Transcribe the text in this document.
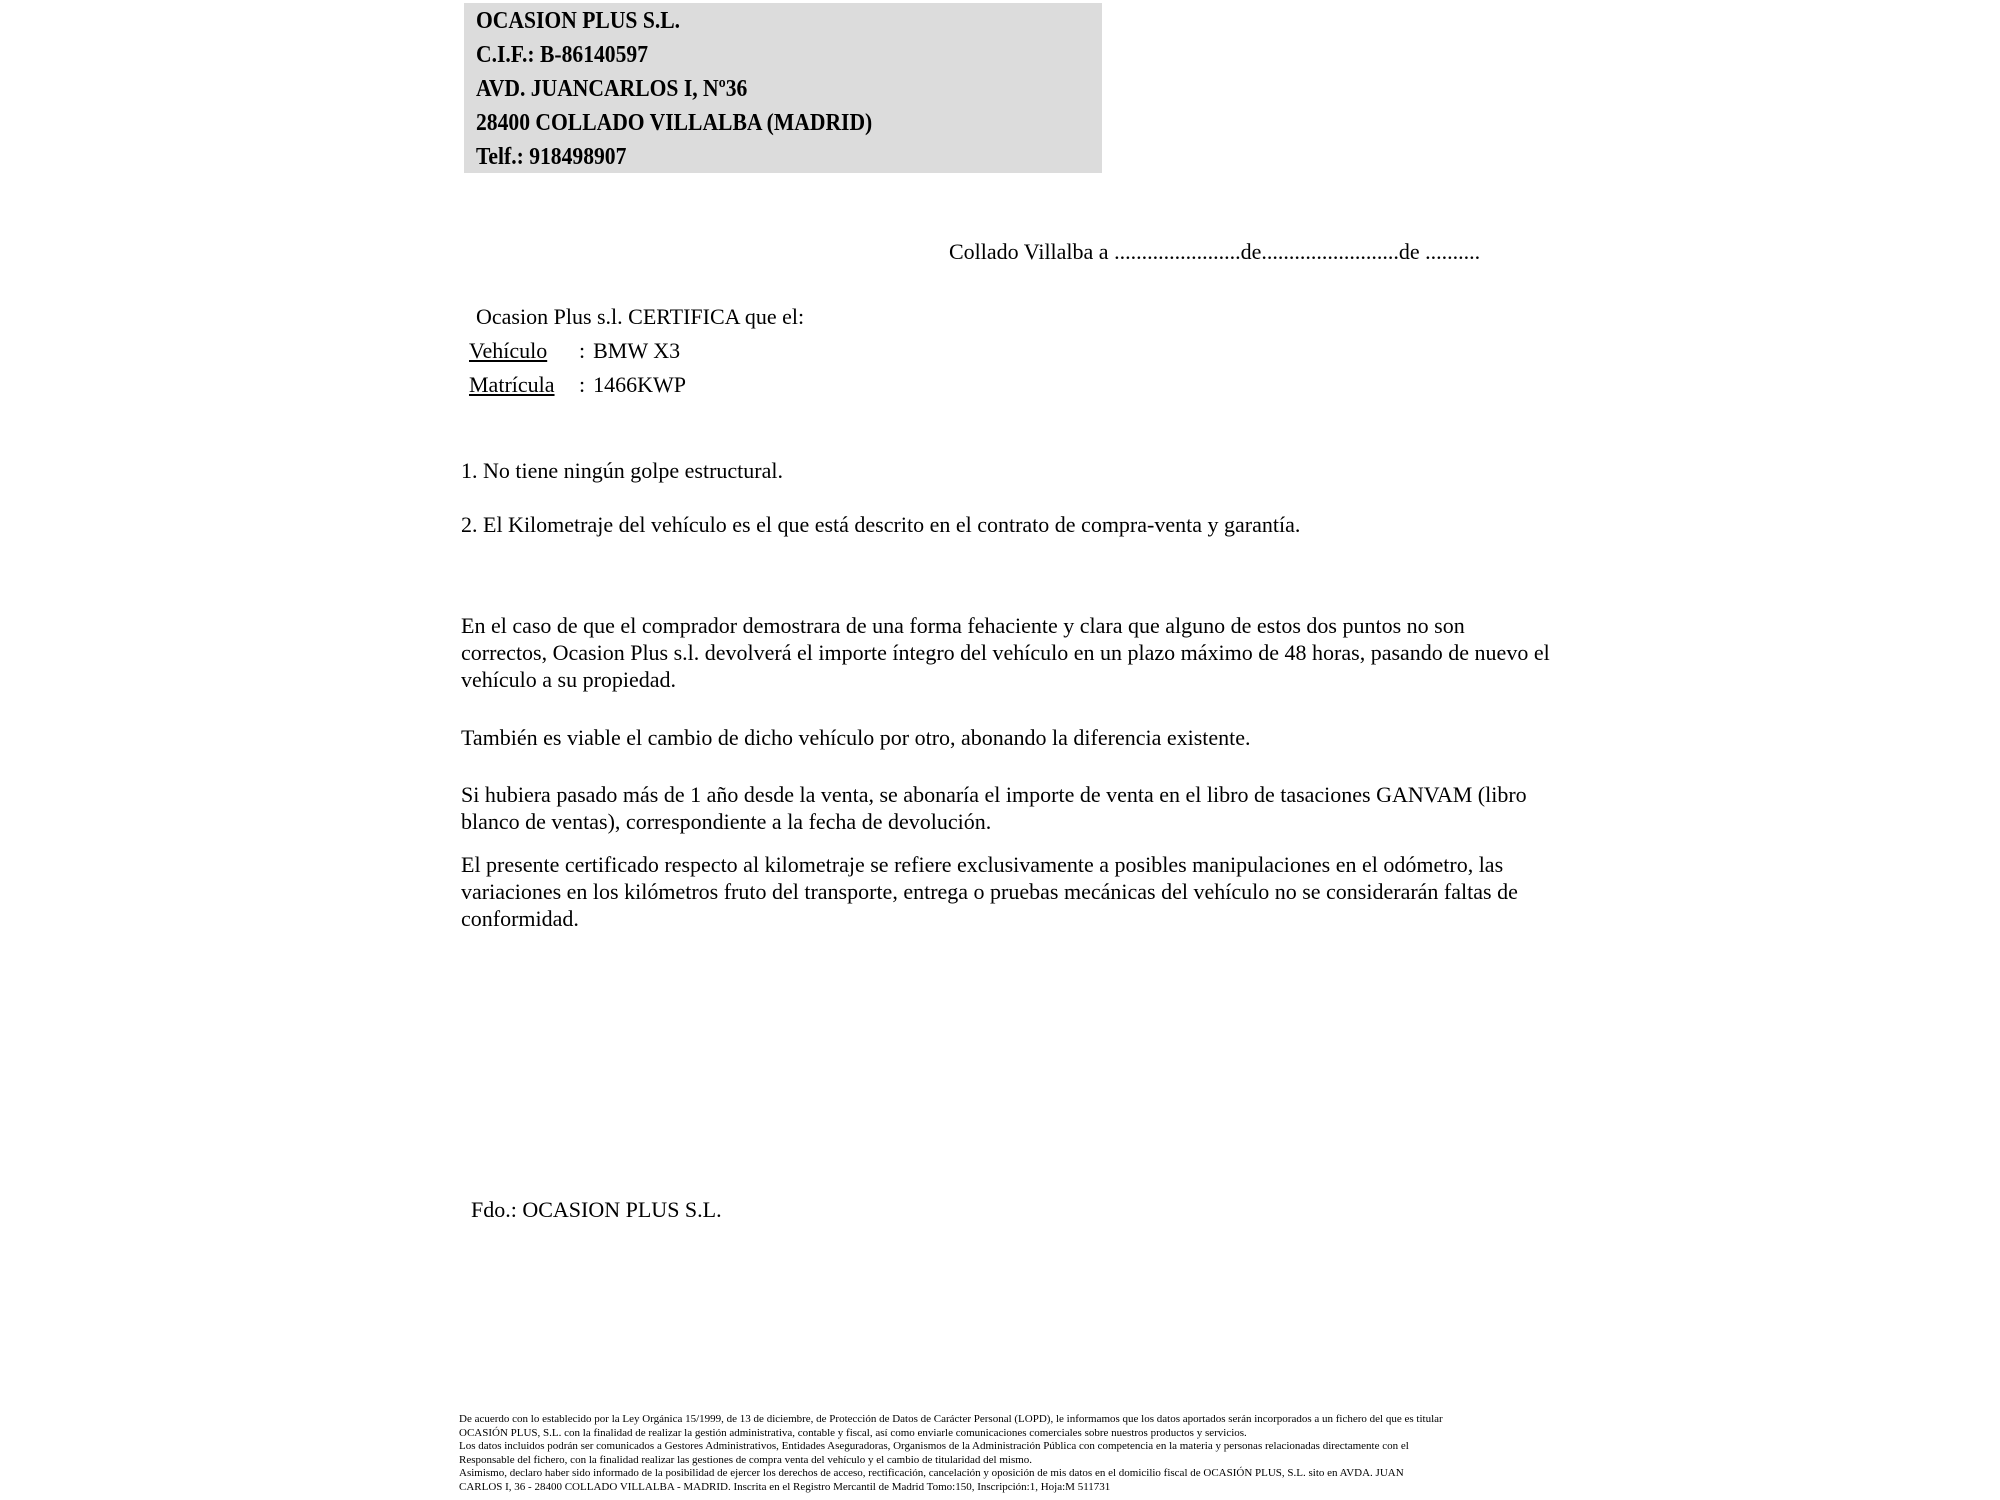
OCASION PLUS S.L.
C.I.F.: B-86140597
AVD. JUANCARLOS I, Nº36
28400 COLLADO VILLALBA (MADRID)
Telf.: 918498907
Collado Villalba a .......................de.........................de ..........
Ocasion Plus s.l. CERTIFICA que el:
Vehículo : BMW X3
Matrícula : 1466KWP
1. No tiene ningún golpe estructural.
2. El Kilometraje del vehículo es el que está descrito en el contrato de compra-venta y garantía.
En el caso de que el comprador demostrara de una forma fehaciente y clara que alguno de estos dos puntos no son correctos, Ocasion Plus s.l. devolverá el importe íntegro del vehículo en un plazo máximo de 48 horas, pasando de nuevo el vehículo a su propiedad.
También es viable el cambio de dicho vehículo por otro, abonando la diferencia existente.
Si hubiera pasado más de 1 año desde la venta, se abonaría el importe de venta en el libro de tasaciones GANVAM (libro blanco de ventas), correspondiente a la fecha de devolución.
El presente certificado respecto al kilometraje se refiere exclusivamente a posibles manipulaciones en el odómetro, las variaciones en los kilómetros fruto del transporte, entrega o pruebas mecánicas del vehículo no se considerarán faltas de conformidad.
Fdo.: OCASION PLUS S.L.
De acuerdo con lo establecido por la Ley Orgánica 15/1999, de 13 de diciembre, de Protección de Datos de Carácter Personal (LOPD), le informamos que los datos aportados serán incorporados a un fichero del que es titular
OCASIÓN PLUS, S.L. con la finalidad de realizar la gestión administrativa, contable y fiscal, así como enviarle comunicaciones comerciales sobre nuestros productos y servicios.
Los datos incluidos podrán ser comunicados a Gestores Administrativos, Entidades Aseguradoras, Organismos de la Administración Pública con competencia en la materia y personas relacionadas directamente con el
Responsable del fichero, con la finalidad realizar las gestiones de compra venta del vehículo y el cambio de titularidad del mismo.
Asimismo, declaro haber sido informado de la posibilidad de ejercer los derechos de acceso, rectificación, cancelación y oposición de mis datos en el domicilio fiscal de OCASIÓN PLUS, S.L. sito en AVDA. JUAN
CARLOS I, 36 - 28400 COLLADO VILLALBA - MADRID. Inscrita en el Registro Mercantil de Madrid Tomo:150, Inscripción:1, Hoja:M 511731
